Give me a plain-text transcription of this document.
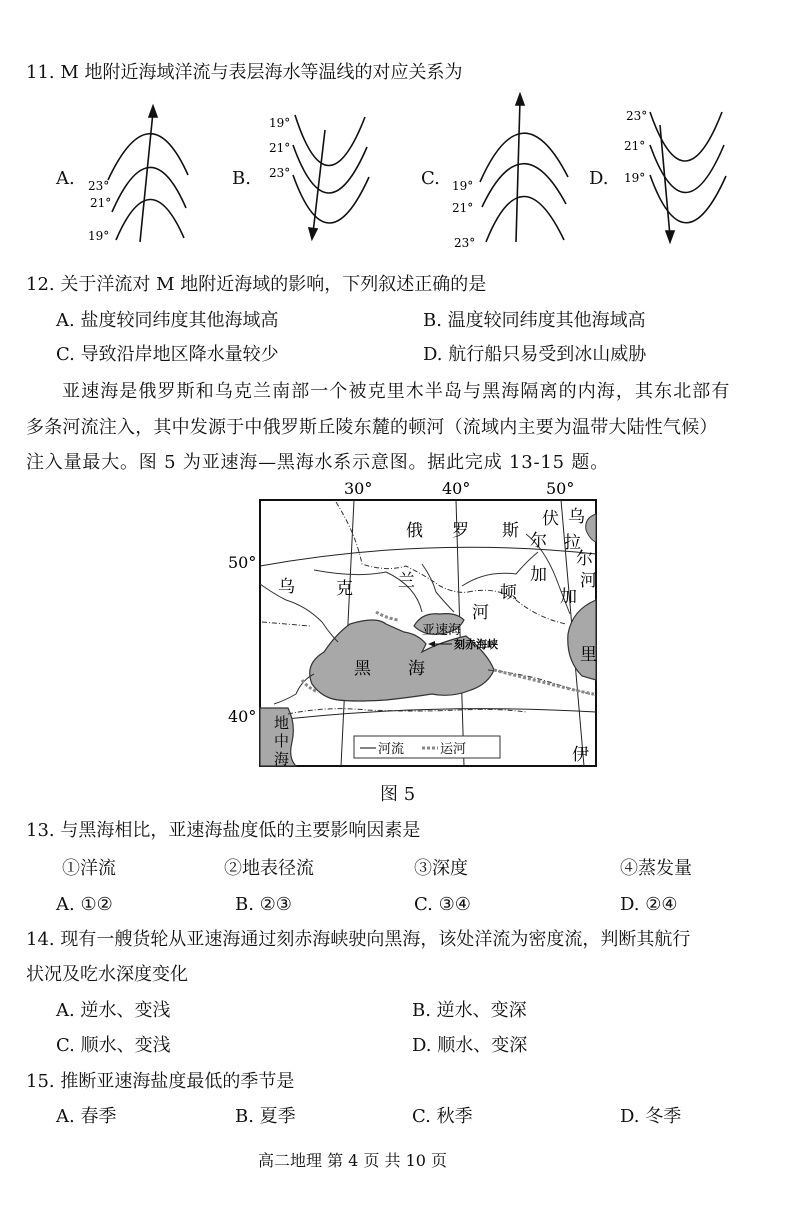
11. M 地附近海域洋流与表层海水等温线的对应关系为
A.	B.	C.	D.
23°
21°
19°
19°
21°
23°
19°
21°
23°
23°
21°
19°
12. 关于洋流对 M 地附近海域的影响，下列叙述正确的是
A. 盐度较同纬度其他海域高	B. 温度较同纬度其他海域高
C. 导致沿岸地区降水量较少	D. 航行船只易受到冰山威胁
亚速海是俄罗斯和乌克兰南部一个被克里木半岛与黑海隔离的内海，其东北部有
多条河流注入，其中发源于中俄罗斯丘陵东麓的顿河（流域内主要为温带大陆性气候）
注入量最大。图 5 为亚速海—黑海水系示意图。据此完成 13-15 题。
30°	40°	50°
50°
40°
俄 罗 斯
乌 克	兰
顿
河
加
伏
尔
加
乌
拉
尔
河
黑 海
地
中
海
里
伊
亚速海
刻赤海峡
河流	运河
图 5
13. 与黑海相比，亚速海盐度低的主要影响因素是
①洋流	②地表径流	③深度	④蒸发量
A. ①②	B. ②③	C. ③④	D. ②④
14. 现有一艘货轮从亚速海通过刻赤海峡驶向黑海，该处洋流为密度流，判断其航行
状况及吃水深度变化
A. 逆水、变浅	B. 逆水、变深
C. 顺水、变浅	D. 顺水、变深
15. 推断亚速海盐度最低的季节是
A. 春季	B. 夏季	C. 秋季	D. 冬季
高二地理 第 4 页 共 10 页
